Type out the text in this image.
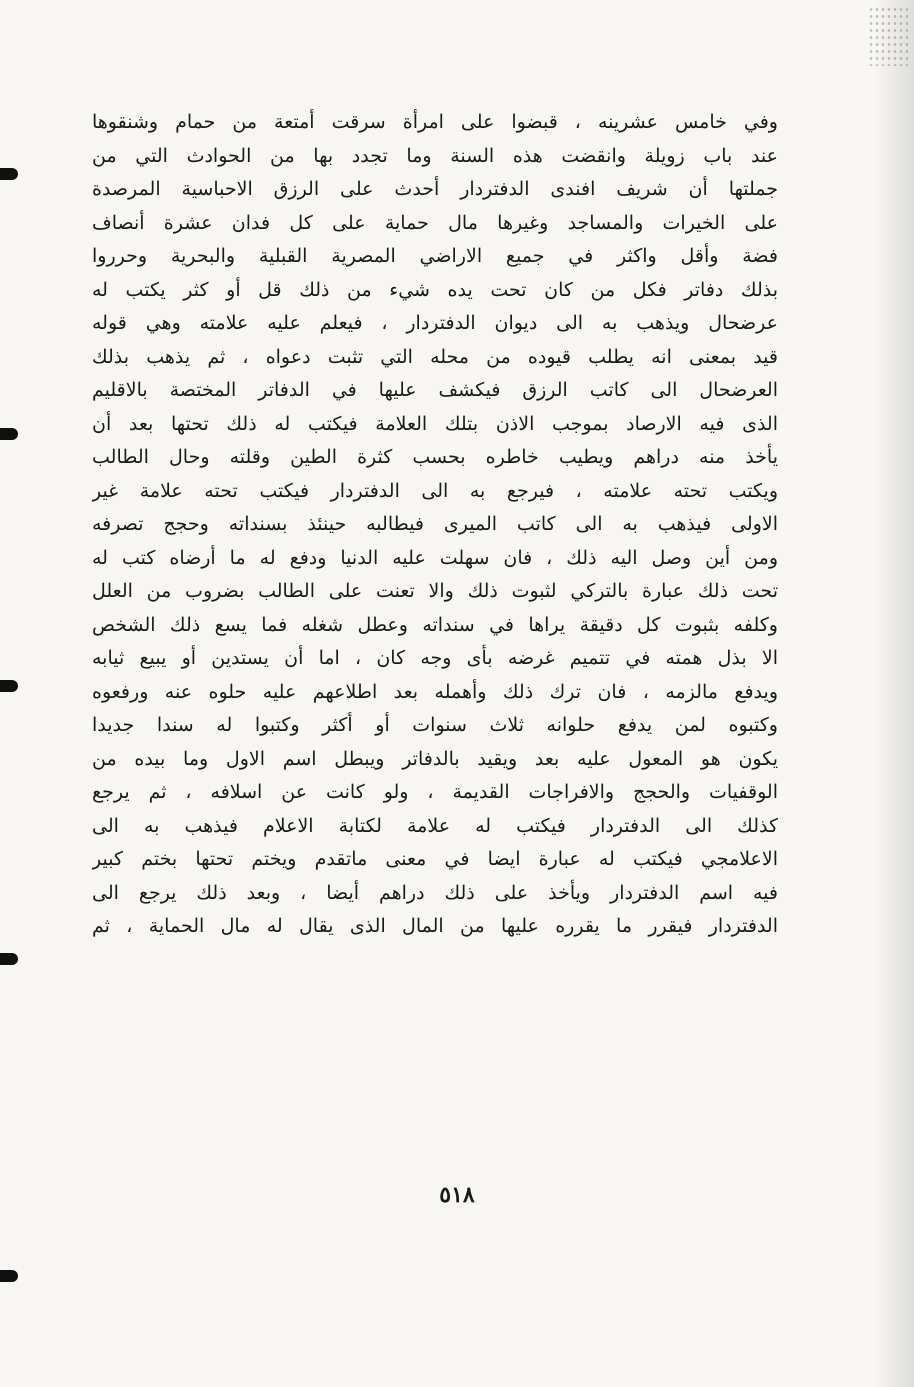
وفي خامس عشرينه ، قبضوا على امرأة سرقت أمتعة من حمام وشنقوها
عند باب زويلة وانقضت هذه السنة وما تجدد بها من الحوادث التي من
جملتها أن شريف افندى الدفتردار أحدث على الرزق الاحباسية المرصدة
على الخيرات والمساجد وغيرها مال حماية على كل فدان عشرة أنصاف
فضة وأقل واكثر في جميع الاراضي المصرية القبلية والبحرية وحرروا
بذلك دفاتر فكل من كان تحت يده شيء من ذلك قل أو كثر يكتب له
عرضحال ويذهب به الى ديوان الدفتردار ، فيعلم عليه علامته وهي قوله
قيد بمعنى انه يطلب قيوده من محله التي تثبت دعواه ، ثم يذهب بذلك
العرضحال الى كاتب الرزق فيكشف عليها في الدفاتر المختصة بالاقليم
الذى فيه الارصاد بموجب الاذن بتلك العلامة فيكتب له ذلك تحتها بعد أن
يأخذ منه دراهم ويطيب خاطره بحسب كثرة الطين وقلته وحال الطالب
ويكتب تحته علامته ، فيرجع به الى الدفتردار فيكتب تحته علامة غير
الاولى فيذهب به الى كاتب الميرى فيطالبه حينئذ بسنداته وحجج تصرفه
ومن أين وصل اليه ذلك ، فان سهلت عليه الدنيا ودفع له ما أرضاه كتب له
تحت ذلك عبارة بالتركي لثبوت ذلك والا تعنت على الطالب بضروب من العلل
وكلفه بثبوت كل دقيقة يراها في سنداته وعطل شغله فما يسع ذلك الشخص
الا بذل همته في تتميم غرضه بأى وجه كان ، اما أن يستدين أو يبيع ثيابه
ويدفع مالزمه ، فان ترك ذلك وأهمله بعد اطلاعهم عليه حلوه عنه ورفعوه
وكتبوه لمن يدفع حلوانه ثلاث سنوات أو أكثر وكتبوا له سندا جديدا
يكون هو المعول عليه بعد ويقيد بالدفاتر ويبطل اسم الاول وما بيده من
الوقفيات والحجج والافراجات القديمة ، ولو كانت عن اسلافه ، ثم يرجع
كذلك الى الدفتردار فيكتب له علامة لكتابة الاعلام فيذهب به الى
الاعلامجي فيكتب له عبارة ايضا في معنى ماتقدم ويختم تحتها بختم كبير
فيه اسم الدفتردار ويأخذ على ذلك دراهم أيضا ، وبعد ذلك يرجع الى
الدفتردار فيقرر ما يقرره عليها من المال الذى يقال له مال الحماية ، ثم
٥١٨
